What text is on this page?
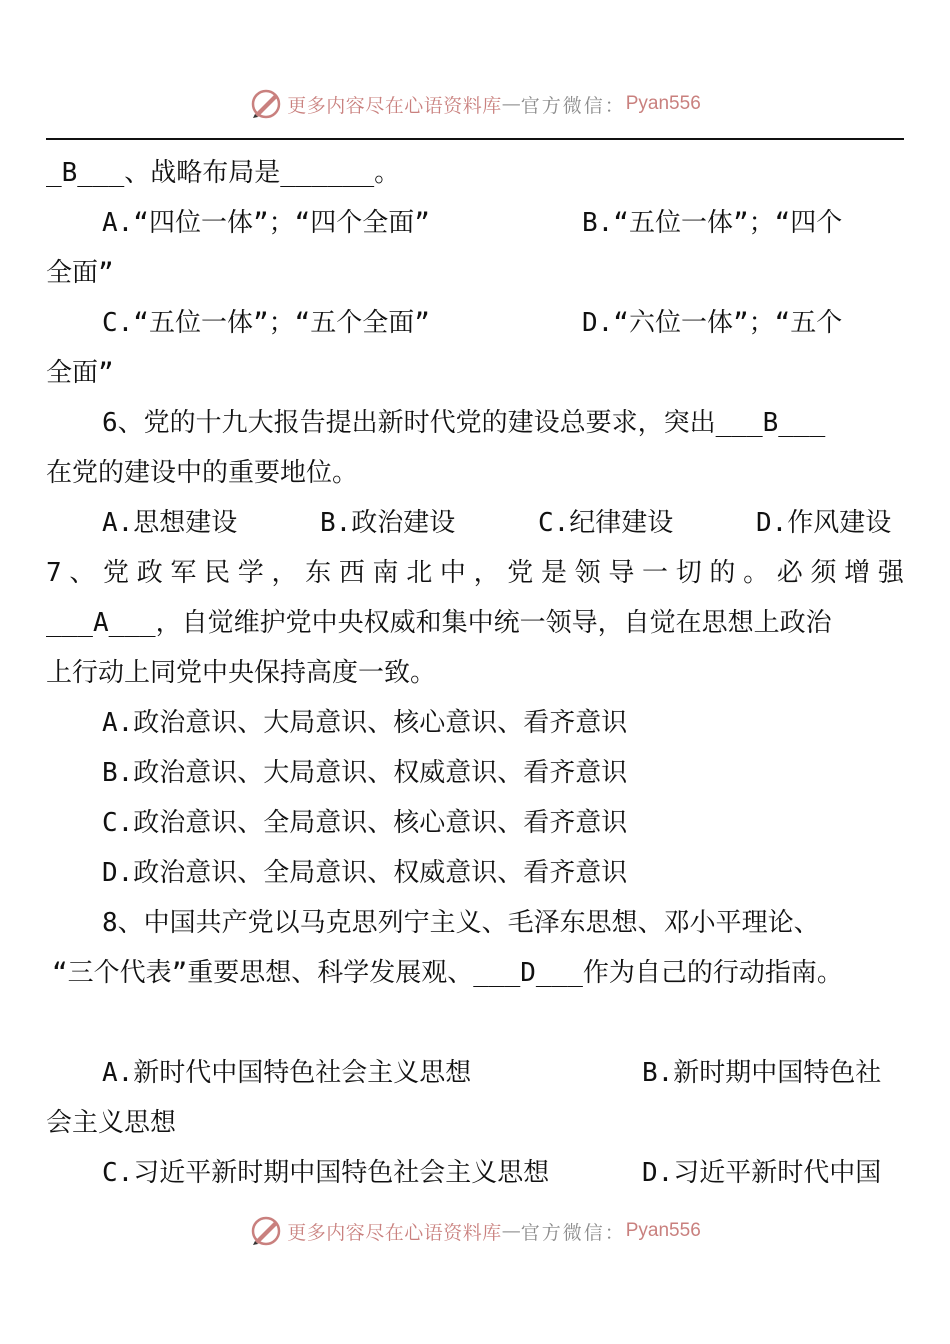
更多内容尽在心语资料库 — 官方微信： Pyan556
_B___、战略布局是______。
A.“四位一体”；“四个全面”	B.“五位一体”；“四个
全面”
C.“五位一体”；“五个全面”	D.“六位一体”；“五个
全面”
6、党的十九大报告提出新时代党的建设总要求，突出___B___
在党的建设中的重要地位。
A.思想建设	B.政治建设	C.纪律建设	D.作风建设
7 、 党 政 军 民 学 ， 东 西 南 北 中 ， 党 是 领 导 一 切 的 。 必 须 增 强
___A___，自觉维护党中央权威和集中统一领导，自觉在思想上政治
上行动上同党中央保持高度一致。
A.政治意识、大局意识、核心意识、看齐意识
B.政治意识、大局意识、权威意识、看齐意识
C.政治意识、全局意识、核心意识、看齐意识
D.政治意识、全局意识、权威意识、看齐意识
8、中国共产党以马克思列宁主义、毛泽东思想、邓小平理论、
“三个代表”重要思想、科学发展观、___D___作为自己的行动指南。
A.新时代中国特色社会主义思想	B.新时期中国特色社
会主义思想
C.习近平新时期中国特色社会主义思想	D.习近平新时代中国
更多内容尽在心语资料库 — 官方微信： Pyan556
